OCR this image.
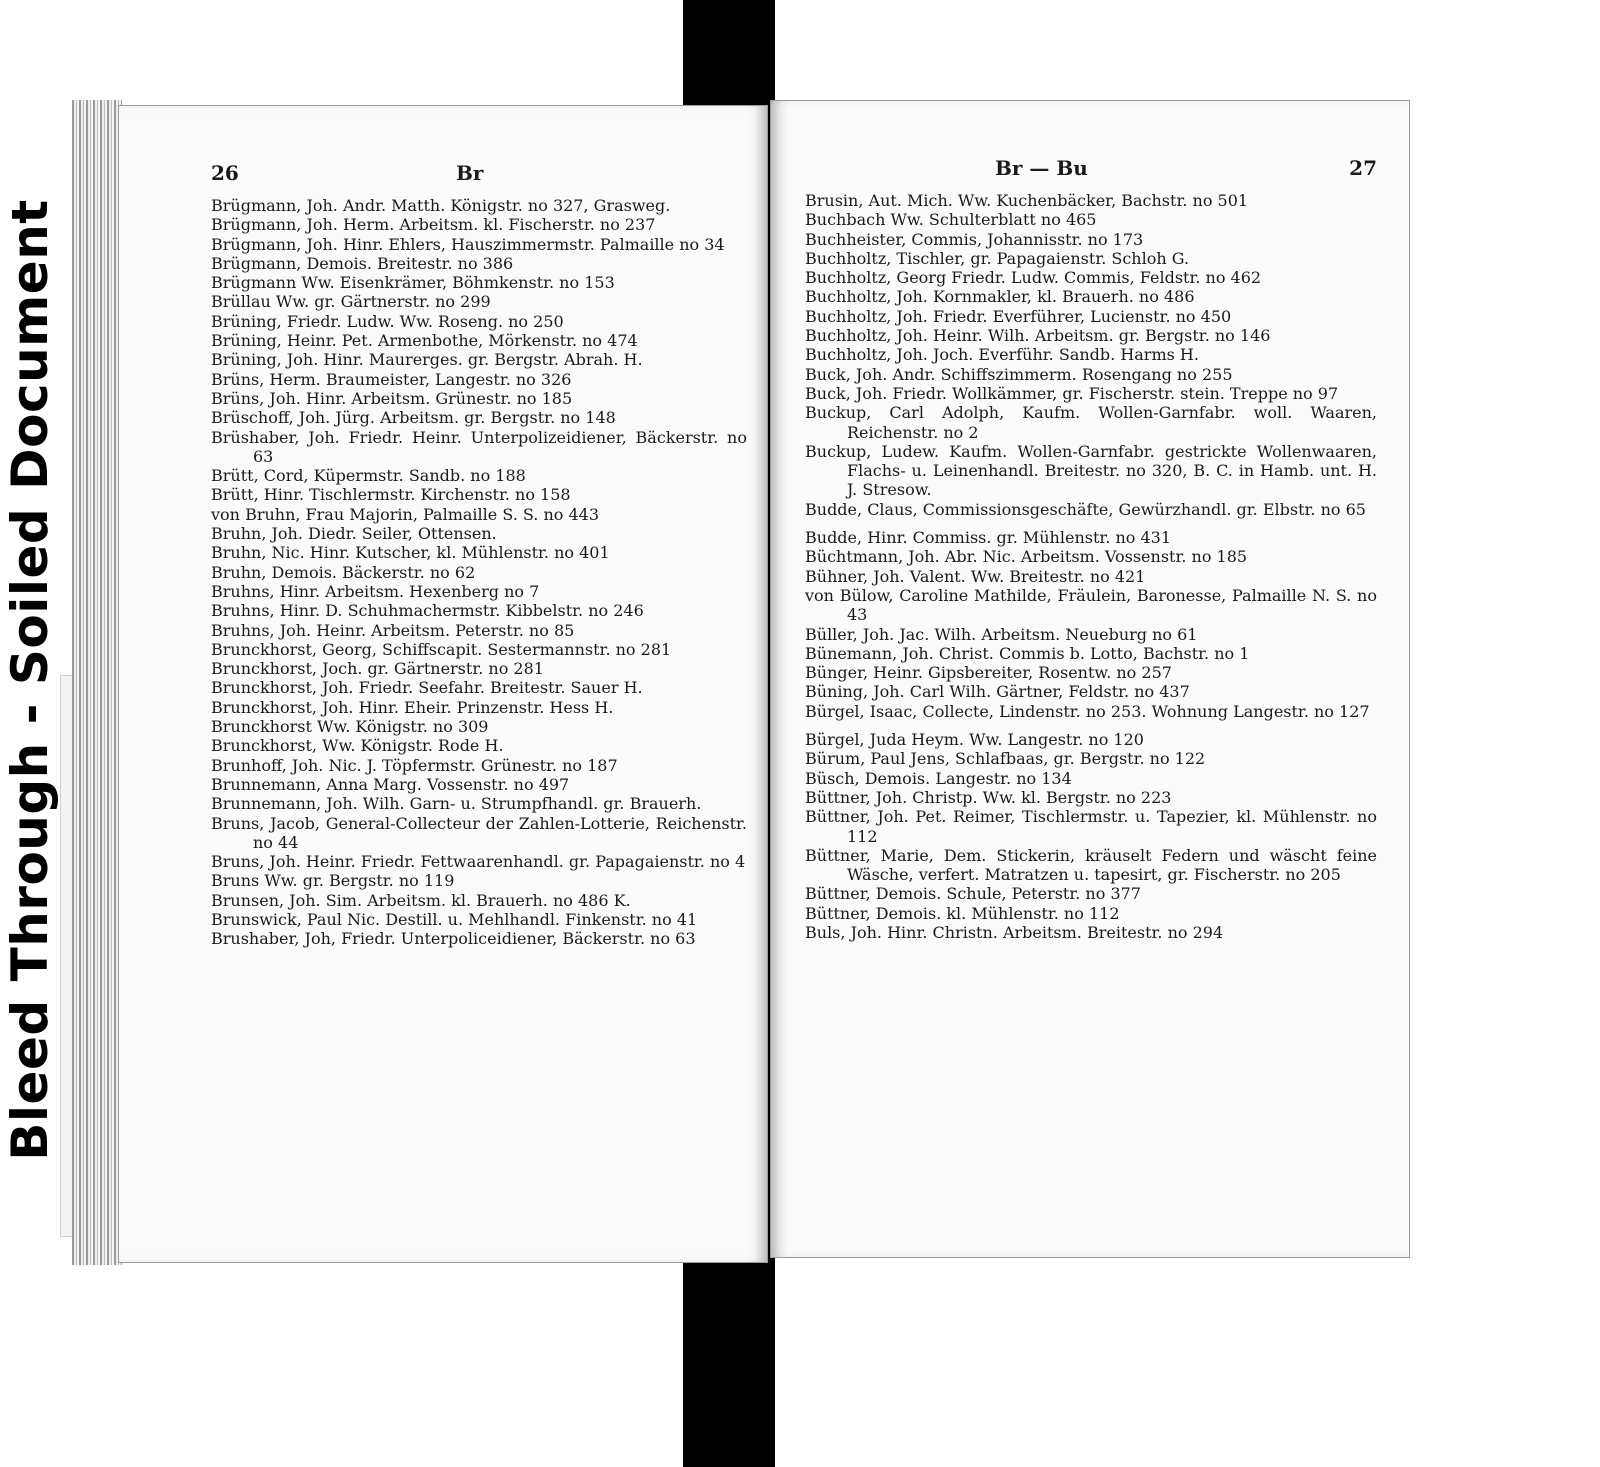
Bleed Through - Soiled Document
26	Br
Brügmann, Joh. Andr. Matth. Königstr. no 327, Grasweg.
Brügmann, Joh. Herm. Arbeitsm. kl. Fischerstr. no 237
Brügmann, Joh. Hinr. Ehlers, Hauszimmermstr. Palmaille no 34
Brügmann, Demois. Breitestr. no 386
Brügmann Ww. Eisenkrämer, Böhmkenstr. no 153
Brüllau Ww. gr. Gärtnerstr. no 299
Brüning, Friedr. Ludw. Ww. Roseng. no 250
Brüning, Heinr. Pet. Armenbothe, Mörkenstr. no 474
Brüning, Joh. Hinr. Maurerges. gr. Bergstr. Abrah. H.
Brüns, Herm. Braumeister, Langestr. no 326
Brüns, Joh. Hinr. Arbeitsm. Grünestr. no 185
Brüschoff, Joh. Jürg. Arbeitsm. gr. Bergstr. no 148
Brüshaber, Joh. Friedr. Heinr. Unterpolizeidiener, Bäckerstr. no 63
Brütt, Cord, Küpermstr. Sandb. no 188
Brütt, Hinr. Tischlermstr. Kirchenstr. no 158
von Bruhn, Frau Majorin, Palmaille S. S. no 443
Bruhn, Joh. Diedr. Seiler, Ottensen.
Bruhn, Nic. Hinr. Kutscher, kl. Mühlenstr. no 401
Bruhn, Demois. Bäckerstr. no 62
Bruhns, Hinr. Arbeitsm. Hexenberg no 7
Bruhns, Hinr. D. Schuhmachermstr. Kibbelstr. no 246
Bruhns, Joh. Heinr. Arbeitsm. Peterstr. no 85
Brunckhorst, Georg, Schiffscapit. Sestermannstr. no 281
Brunckhorst, Joch. gr. Gärtnerstr. no 281
Brunckhorst, Joh. Friedr. Seefahr. Breitestr. Sauer H.
Brunckhorst, Joh. Hinr. Eheir. Prinzenstr. Hess H.
Brunckhorst Ww. Königstr. no 309
Brunckhorst, Ww. Königstr. Rode H.
Brunhoff, Joh. Nic. J. Töpfermstr. Grünestr. no 187
Brunnemann, Anna Marg. Vossenstr. no 497
Brunnemann, Joh. Wilh. Garn- u. Strumpfhandl. gr. Brauerh.
Bruns, Jacob, General-Collecteur der Zahlen-Lotterie, Reichenstr. no 44
Bruns, Joh. Heinr. Friedr. Fettwaarenhandl. gr. Papagaienstr. no 4
Bruns Ww. gr. Bergstr. no 119
Brunsen, Joh. Sim. Arbeitsm. kl. Brauerh. no 486 K.
Brunswick, Paul Nic. Destill. u. Mehlhandl. Finkenstr. no 41
Brushaber, Joh, Friedr. Unterpoliceidiener, Bäckerstr. no 63
Br — Bu	27
Brusin, Aut. Mich. Ww. Kuchenbäcker, Bachstr. no 501
Buchbach Ww. Schulterblatt no 465
Buchheister, Commis, Johannisstr. no 173
Buchholtz, Tischler, gr. Papagaienstr. Schloh G.
Buchholtz, Georg Friedr. Ludw. Commis, Feldstr. no 462
Buchholtz, Joh. Kornmakler, kl. Brauerh. no 486
Buchholtz, Joh. Friedr. Everführer, Lucienstr. no 450
Buchholtz, Joh. Heinr. Wilh. Arbeitsm. gr. Bergstr. no 146
Buchholtz, Joh. Joch. Everführ. Sandb. Harms H.
Buck, Joh. Andr. Schiffszimmerm. Rosengang no 255
Buck, Joh. Friedr. Wollkämmer, gr. Fischerstr. stein. Treppe no 97
Buckup, Carl Adolph, Kaufm. Wollen-Garnfabr. woll. Waaren, Reichenstr. no 2
Buckup, Ludew. Kaufm. Wollen-Garnfabr. gestrickte Wollenwaaren, Flachs- u. Leinenhandl. Breitestr. no 320, B. C. in Hamb. unt. H. J. Stresow.
Budde, Claus, Commissionsgeschäfte, Gewürzhandl. gr. Elbstr. no 65
Budde, Hinr. Commiss. gr. Mühlenstr. no 431
Büchtmann, Joh. Abr. Nic. Arbeitsm. Vossenstr. no 185
Bühner, Joh. Valent. Ww. Breitestr. no 421
von Bülow, Caroline Mathilde, Fräulein, Baronesse, Palmaille N. S. no 43
Büller, Joh. Jac. Wilh. Arbeitsm. Neueburg no 61
Bünemann, Joh. Christ. Commis b. Lotto, Bachstr. no 1
Bünger, Heinr. Gipsbereiter, Rosentw. no 257
Büning, Joh. Carl Wilh. Gärtner, Feldstr. no 437
Bürgel, Isaac, Collecte, Lindenstr. no 253. Wohnung Langestr. no 127
Bürgel, Juda Heym. Ww. Langestr. no 120
Bürum, Paul Jens, Schlafbaas, gr. Bergstr. no 122
Büsch, Demois. Langestr. no 134
Büttner, Joh. Christp. Ww. kl. Bergstr. no 223
Büttner, Joh. Pet. Reimer, Tischlermstr. u. Tapezier, kl. Mühlenstr. no 112
Büttner, Marie, Dem. Stickerin, kräuselt Federn und wäscht feine Wäsche, verfert. Matratzen u. tapesirt, gr. Fischerstr. no 205
Büttner, Demois. Schule, Peterstr. no 377
Büttner, Demois. kl. Mühlenstr. no 112
Buls, Joh. Hinr. Christn. Arbeitsm. Breitestr. no 294
